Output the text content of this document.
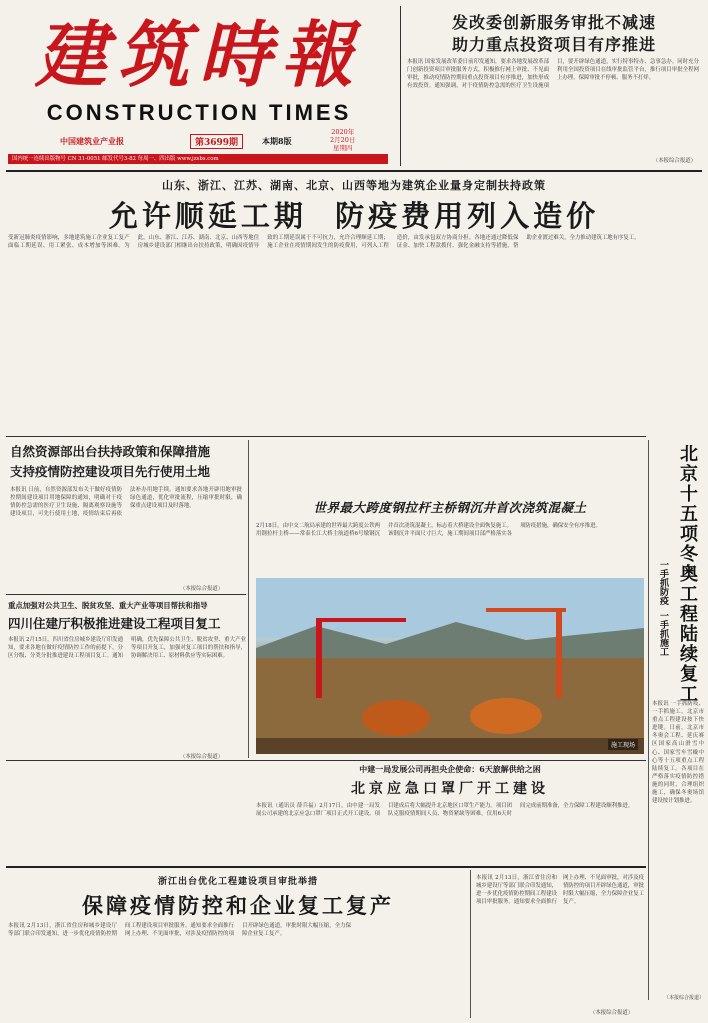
建筑時報
CONSTRUCTION TIMES
中国建筑业产业报	第3699期	本期8版
2020年
2月20日
星期四
国内统一连续出版物号 CN 31-0051 邮发代号3-82 每周一、四出版 www.jzsbs.com
发改委创新服务审批不减速
助力重点投资项目有序推进
本报讯 国家发展改革委日前印发通知，要求各地发展改革部门创新投资项目审批服务方式，积极推行网上审批、不见面审批，推动疫情防控期间重点投资项目有序推进，加快形成有效投资。通知强调，对于疫情防控急需的医疗卫生设施项目，要开辟绿色通道，实行特事特办、急事急办。同时充分利用全国投资项目在线审批监管平台，推行项目审批全程网上办理，保障审批不停顿、服务不打烊。
（本报综合报道）
山东、浙江、江苏、湖南、北京、山西等地为建筑企业量身定制扶持政策
允许顺延工期  防疫费用列入造价
受新冠肺炎疫情影响，多地建筑施工企业复工复产面临工期延误、用工紧张、成本增加等困难。为此，山东、浙江、江苏、湖南、北京、山西等地住房城乡建设部门相继出台扶持政策，明确因疫情导致的工期延误属于不可抗力，允许合理顺延工期；施工企业在疫情期间发生的防疫费用，可列入工程造价，由发承包双方协商分担。各地还通过降低保证金、加快工程款拨付、强化金融支持等措施，帮助企业渡过难关，全力推动建筑工地有序复工。
自然资源部出台扶持政策和保障措施
支持疫情防控建设项目先行使用土地
本报讯 日前，自然资源部发布关于做好疫情防控期间建设项目用地保障的通知，明确对于疫情防控急需的医疗卫生设施、隔离观察设施等建设项目，可先行使用土地，疫情结束后再依法补办用地手续。通知要求各地开辟用地审批绿色通道，优化审批流程，压缩审批时限，确保重点建设项目及时落地。
（本报综合报道）
世界最大跨度钢拉杆主桥钢沉井首次浇筑混凝土
2月18日，由中交二航局承建的世界最大跨度公铁两用钢拉杆主桥——常泰长江大桥主航道桥6号墩钢沉井首次浇筑混凝土，标志着大桥建设全面恢复施工。该钢沉井平面尺寸巨大，施工期间项目部严格落实各项防疫措施，确保安全有序推进。
施工现场
重点加强对公共卫生、脱贫攻坚、重大产业等项目帮扶和指导
四川住建厅积极推进建设工程项目复工
本报讯 2月15日，四川省住房城乡建设厅印发通知，要求各地在做好疫情防控工作的前提下，分区分级、分类分批推进建设工程项目复工。通知明确，优先保障公共卫生、脱贫攻坚、重大产业等项目开复工，加强对复工项目的帮扶和指导，协调解决用工、原材料供应等实际困难。
（本报综合报道）
中建一局发展公司再担央企使命：6天旅解供给之困
北京应急口罩厂开工建设
本报讯（通讯员 薛兵福）2月17日，由中建一局发展公司承建的北京应急口罩厂项目正式开工建设。项目建成后将大幅提升北京地区口罩生产能力。项目团队克服疫情期间人员、物资紧缺等困难，仅用6天时间完成前期准备，全力保障工程建设顺利推进。
北京十五项冬奥工程陆续复工
一手抓防疫  一手抓施工
本报讯 一手抓防疫、一手抓施工，北京市重点工程建设按下快进键。日前，北京市冬奥会工程、延庆赛区国家高山滑雪中心、国家雪车雪橇中心等十五项重点工程陆续复工。各项目在严格落实疫情防控措施的同时，合理组织施工，确保冬奥场馆建设按计划推进。
（本报综合报道）
浙江出台优化工程建设项目审批举措
保障疫情防控和企业复工复产
本报讯 2月13日，浙江省住房和城乡建设厅等部门联合印发通知，进一步优化疫情防控期间工程建设项目审批服务。通知要求全面推行网上办理、不见面审批，对涉及疫情防控的项目开辟绿色通道，审批时限大幅压缩，全力保障企业复工复产。
本报讯 2月13日，浙江省住房和城乡建设厅等部门联合印发通知，进一步优化疫情防控期间工程建设项目审批服务。通知要求全面推行网上办理、不见面审批，对涉及疫情防控的项目开辟绿色通道，审批时限大幅压缩，全力保障企业复工复产。
（本报综合报道）
